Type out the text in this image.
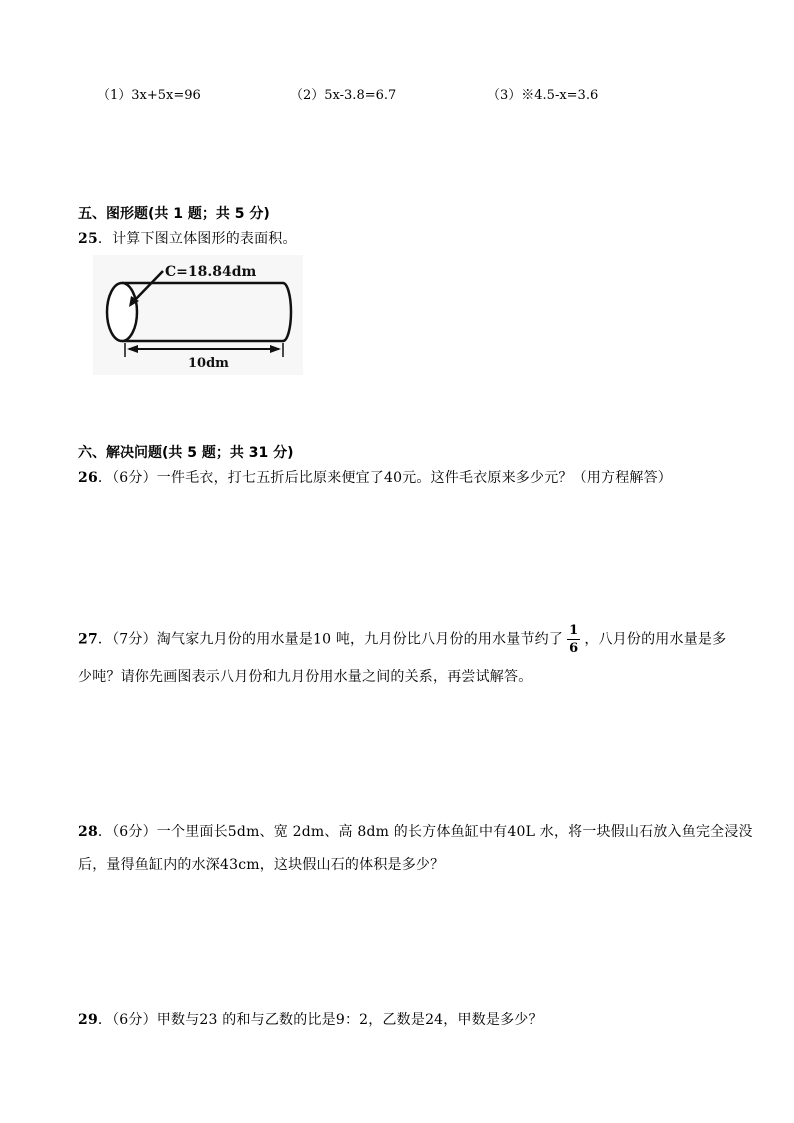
（1）3x+5x=96	（2）5x-3.8=6.7	（3）※4.5-x=3.6
五、图形题(共 1 题；共 5 分)
25．计算下图立体图形的表面积。
C=18.84dm
10dm
六、解决问题(共 5 题；共 31 分)
26．（6分）一件毛衣，打七五折后比原来便宜了40元。这件毛衣原来多少元？（用方程解答）
27．（7分）淘气家九月份的用水量是10 吨，九月份比八月份的用水量节约了 $\frac{1}{6}$ ，八月份的用水量是多
少吨？请你先画图表示八月份和九月份用水量之间的关系，再尝试解答。
28．（6分）一个里面长5dm、宽 2dm、高 8dm 的长方体鱼缸中有40L 水，将一块假山石放入鱼完全浸没
后，量得鱼缸内的水深43cm，这块假山石的体积是多少？
29．（6分）甲数与23 的和与乙数的比是9：2，乙数是24，甲数是多少？
